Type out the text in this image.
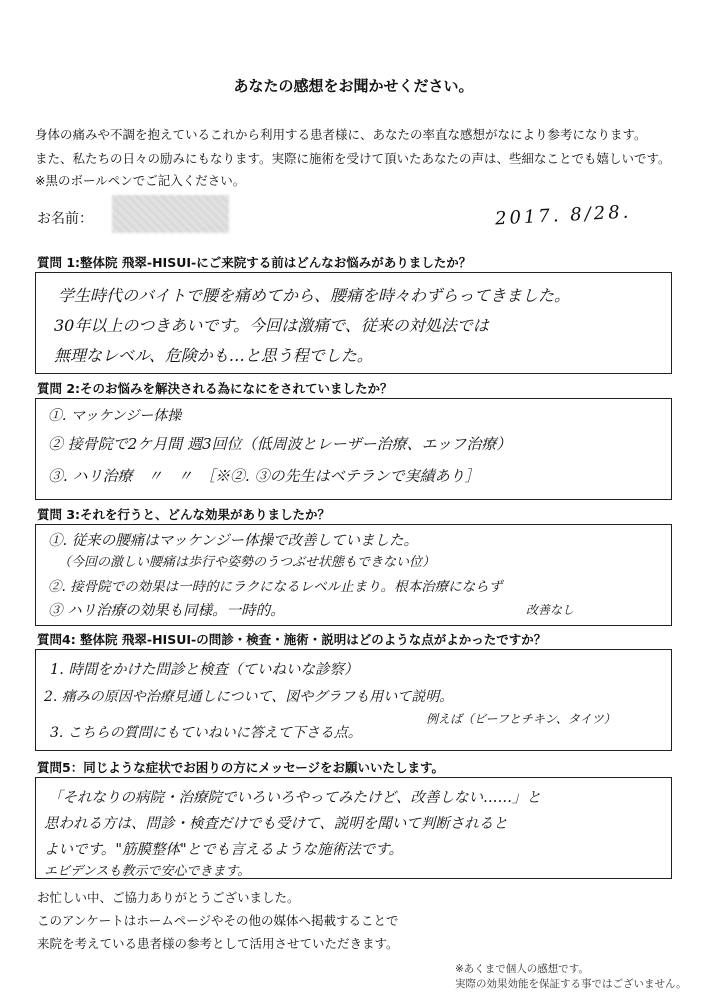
あなたの感想をお聞かせください。
身体の痛みや不調を抱えているこれから利用する患者様に、あなたの率直な感想がなにより参考になります。
また、私たちの日々の励みにもなります。実際に施術を受けて頂いたあなたの声は、些細なことでも嬉しいです。
※黒のボールペンでご記入ください。
お名前：	2017. 8/28.
質問 1:整体院 飛翠-HISUI-にご来院する前はどんなお悩みがありましたか？
学生時代のバイトで腰を痛めてから、腰痛を時々わずらってきました。
30年以上のつきあいです。今回は激痛で、従来の対処法では
無理なレベル、危険かも…と思う程でした。
質問 2:そのお悩みを解決される為になにをされていましたか？
①. マッケンジー体操
② 接骨院で2ケ月間 週3回位（低周波とレーザー治療、エッフ治療）
③. ハリ治療　〃　〃　［※②. ③の先生はベテランで実績あり］
質問 3:それを行うと、どんな効果がありましたか？
①. 従来の腰痛はマッケンジー体操で改善していました。
（今回の激しい腰痛は歩行や姿勢のうつぶせ状態もできない位）
②. 接骨院での効果は一時的にラクになるレベル止まり。根本治療にならず
③ ハリ治療の効果も同様。一時的。	改善なし
質問4: 整体院 飛翠-HISUI-の問診・検査・施術・説明はどのような点がよかったですか？
1. 時間をかけた問診と検査（ていねいな診察）
2. 痛みの原因や治療見通しについて、図やグラフも用いて説明。
3. こちらの質問にもていねいに答えて下さる点。
例えば（ビーフとチキン、タイツ）
質問5：同じような症状でお困りの方にメッセージをお願いいたします。
「それなりの病院・治療院でいろいろやってみたけど、改善しない……」と
思われる方は、問診・検査だけでも受けて、説明を聞いて判断されると
よいです。"筋膜整体"とでも言えるような施術法です。
エビデンスも教示で安心できます。
お忙しい中、ご協力ありがとうございました。
このアンケートはホームページやその他の媒体へ掲載することで
来院を考えている患者様の参考として活用させていただきます。
※あくまで個人の感想です。
実際の効果効能を保証する事ではございません。
